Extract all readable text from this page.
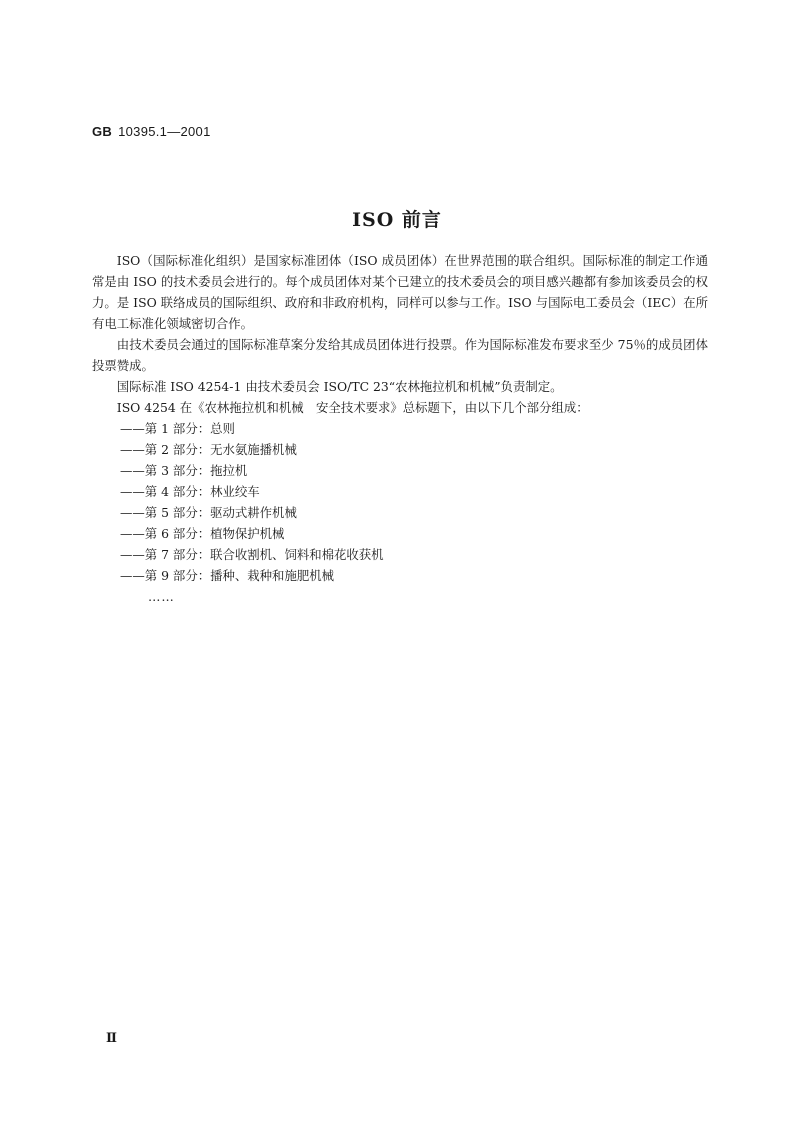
GB 10395.1—2001
ISO 前言

ISO（国际标准化组织）是国家标准团体（ISO 成员团体）在世界范围的联合组织。国际标准的制定工作通常是由 ISO 的技术委员会进行的。每个成员团体对某个已建立的技术委员会的项目感兴趣都有参加该委员会的权力。是 ISO 联络成员的国际组织、政府和非政府机构，同样可以参与工作。ISO 与国际电工委员会（IEC）在所有电工标准化领域密切合作。

由技术委员会通过的国际标准草案分发给其成员团体进行投票。作为国际标准发布要求至少 75％的成员团体投票赞成。

国际标准 ISO 4254-1 由技术委员会 ISO/TC 23“农林拖拉机和机械”负责制定。

ISO 4254 在《农林拖拉机和机械　安全技术要求》总标题下，由以下几个部分组成：

——第 1 部分：总则

——第 2 部分：无水氨施播机械

——第 3 部分：拖拉机

——第 4 部分：林业绞车

——第 5 部分：驱动式耕作机械

——第 6 部分：植物保护机械

——第 7 部分：联合收割机、饲料和棉花收获机

——第 9 部分：播种、栽种和施肥机械

……

Ⅱ
